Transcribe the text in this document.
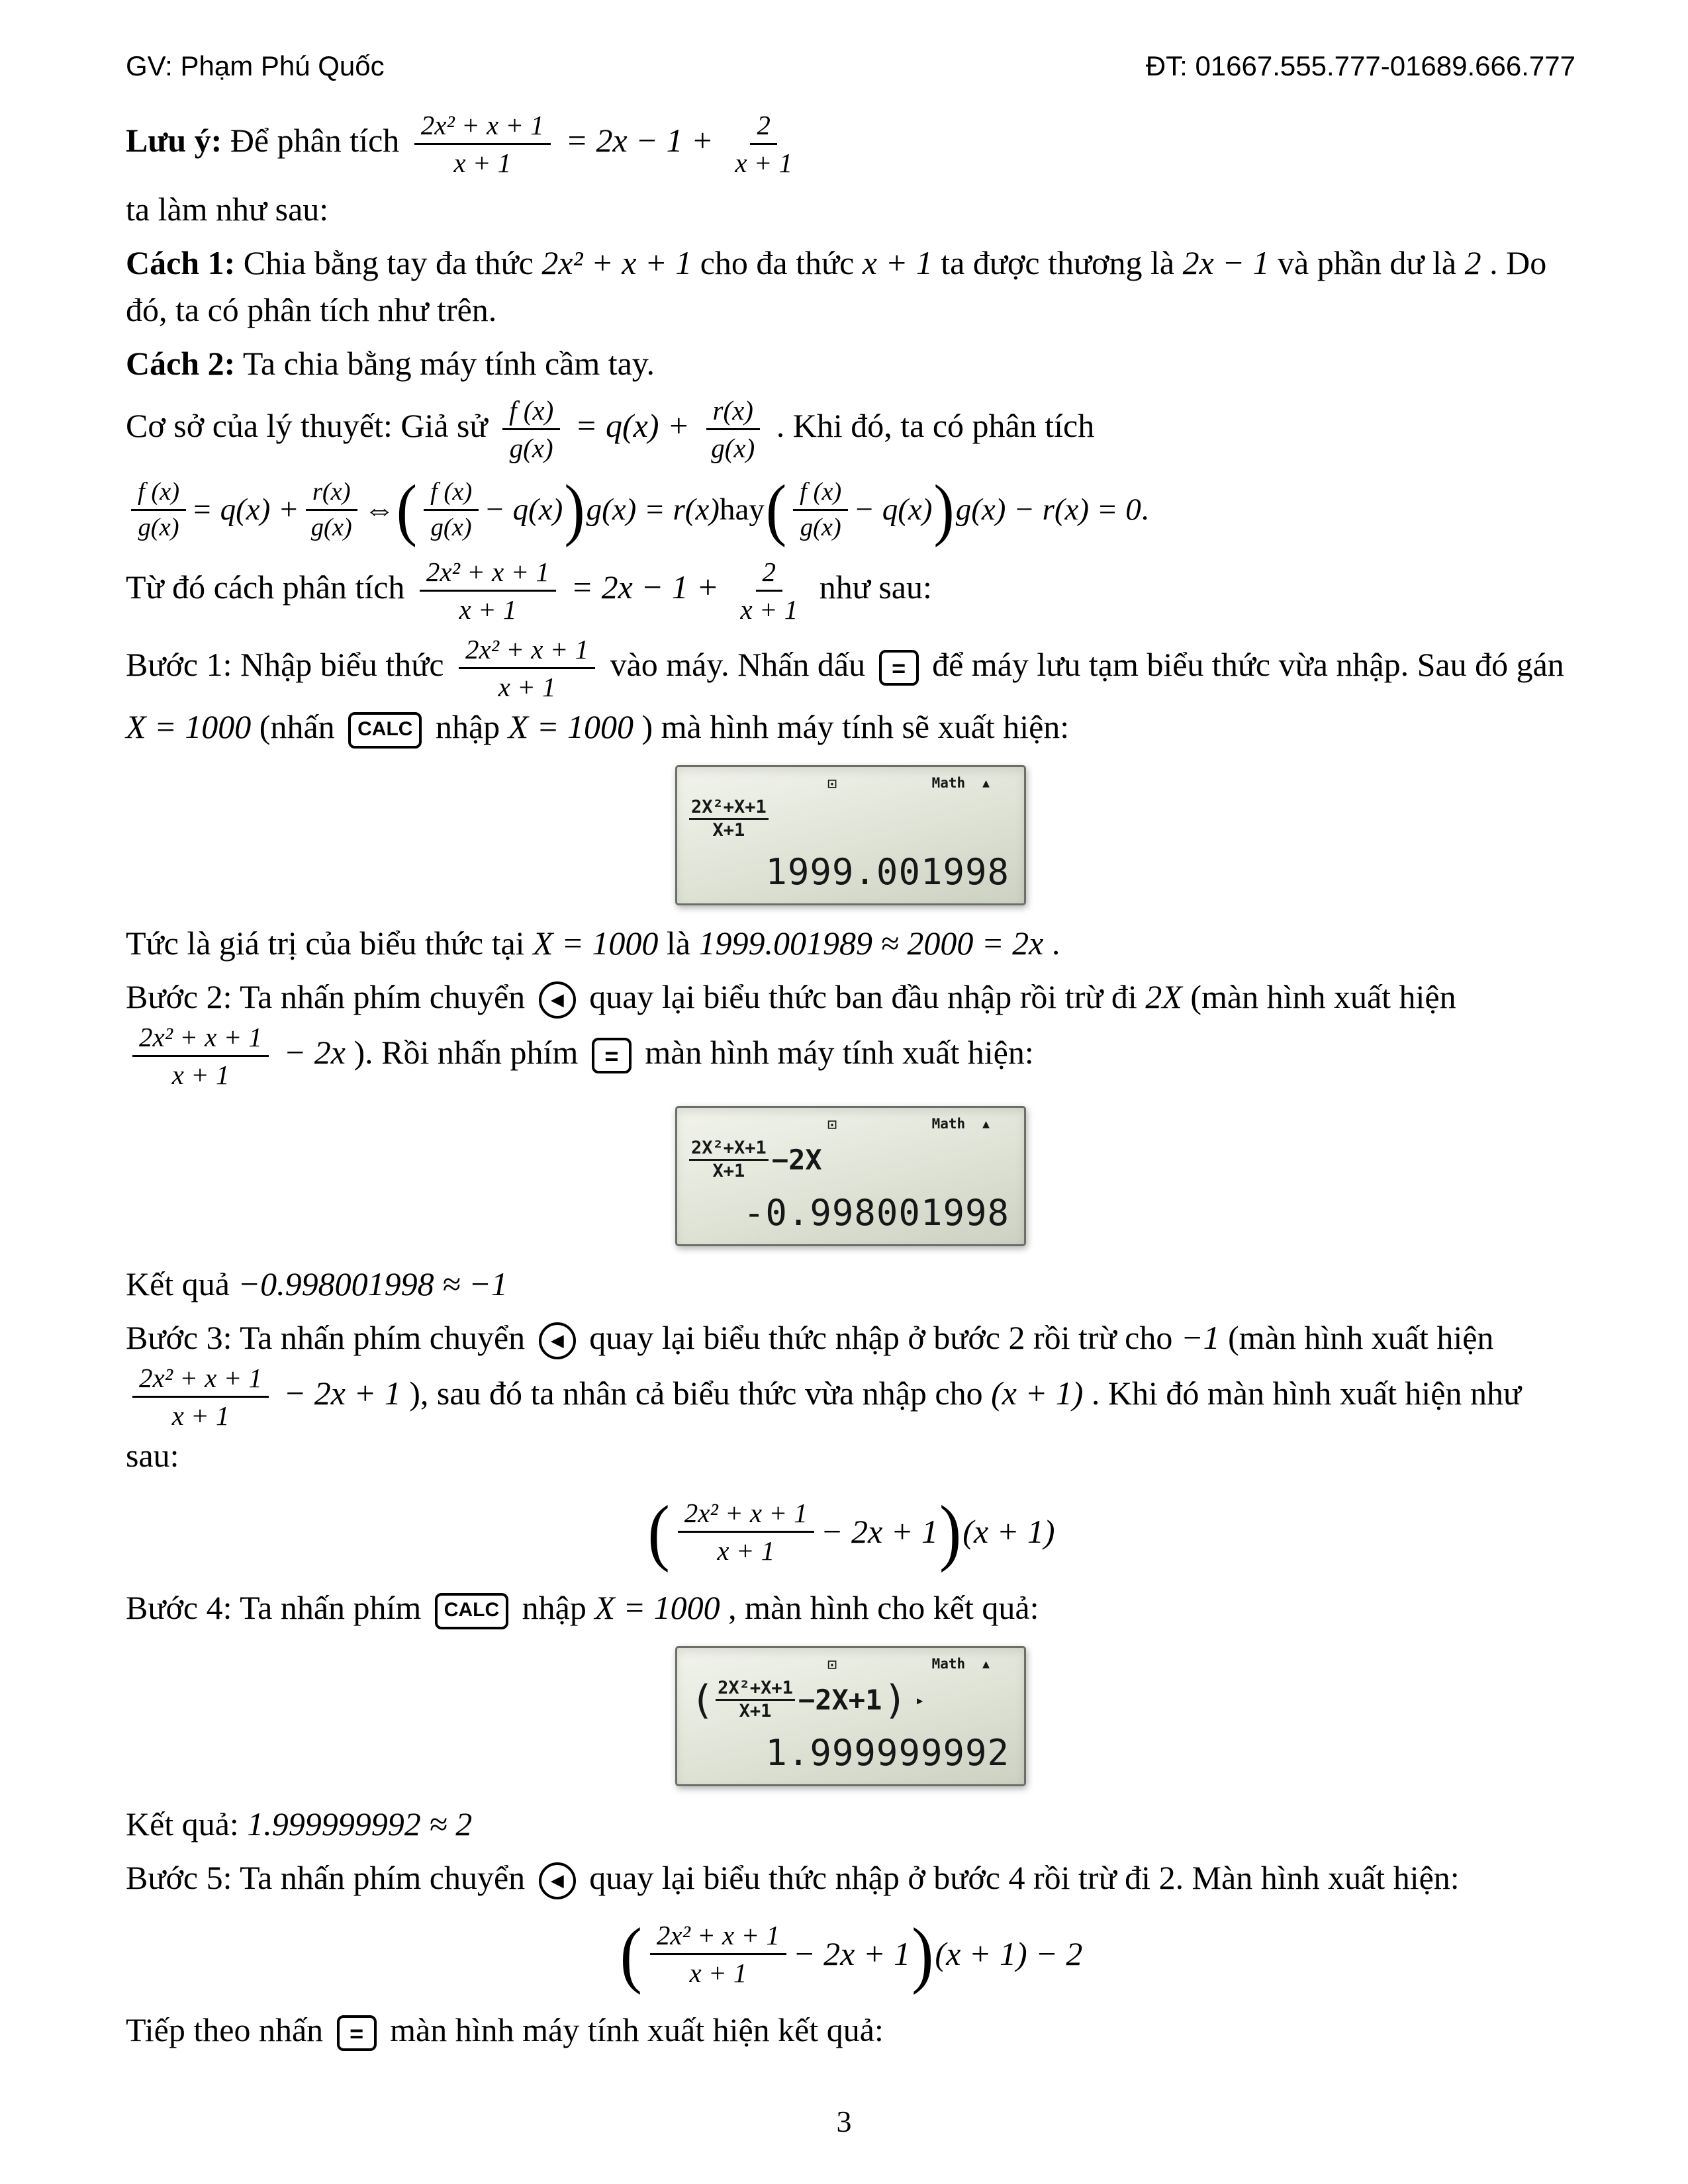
GV: Phạm Phú Quốc	ĐT: 01667.555.777-01689.666.777

Lưu ý: Để phân tích $\frac{\text{2x² + x + 1}}{x + 1} = 2x - 1 + \frac{2}{x + 1}$

ta làm như sau:

Cách 1: Chia bằng tay đa thức 2x² + x + 1 cho đa thức x + 1 ta được thương là 2x − 1 và phần dư là 2 . Do đó, ta có phân tích như trên.

Cách 2: Ta chia bằng máy tính cầm tay.

Cơ sở của lý thuyết: Giả sử $\frac{f (x)}{g(x)} = q(x) + \frac{r(x)}{g(x)}$ . Khi đó, ta có phân tích

$\frac{f (x)}{g(x)} = q(x) + \frac{r(x)}{g(x)}$ ⇔ ( $\frac{f (x)}{g(x)} - q(x)$ ) g(x) = r(x) hay ( $\frac{f (x)}{g(x)} - q(x)$ ) g(x) − r(x) = 0 .

Từ đó cách phân tích $\frac{\text{2x² + x + 1}}{x + 1} = 2x - 1 + \frac{2}{x + 1}$ như sau:

Bước 1: Nhập biểu thức $\frac{\text{2x² + x + 1}}{x + 1}$ vào máy. Nhấn dấu = để máy lưu tạm biểu thức vừa nhập. Sau đó gán X = 1000 (nhấn CALC nhập X = 1000 ) mà hình máy tính sẽ xuất hiện:

⊡	Math ▲
$\frac{\text{2X²+X+1}}{X+1}$
1999.001998

Tức là giá trị của biểu thức tại X = 1000 là 1999.001989 ≈ 2000 = 2x .

Bước 2: Ta nhấn phím chuyển ◀ quay lại biểu thức ban đầu nhập rồi trừ đi 2X (màn hình xuất hiện
$\frac{\text{2x² + x + 1}}{x + 1} - 2x$ ). Rồi nhấn phím = màn hình máy tính xuất hiện:

⊡	Math ▲
$\frac{\text{2X²+X+1}}{X+1} -2X$
-0.998001998

Kết quả −0.998001998 ≈ −1

Bước 3: Ta nhấn phím chuyển ◀ quay lại biểu thức nhập ở bước 2 rồi trừ cho −1 (màn hình xuất hiện
$\frac{\text{2x² + x + 1}}{x + 1} - 2x + 1$ ), sau đó ta nhân cả biểu thức vừa nhập cho (x + 1) . Khi đó màn hình xuất hiện như sau:

( $\frac{\text{2x² + x + 1}}{x + 1} - 2x + 1$ ) (x + 1)

Bước 4: Ta nhấn phím CALC nhập X = 1000 , màn hình cho kết quả:

⊡	Math ▲
( $\frac{\text{2X²+X+1}}{X+1} -2X+1$ ) ▸
1.999999992

Kết quả: 1.999999992 ≈ 2

Bước 5: Ta nhấn phím chuyển ◀ quay lại biểu thức nhập ở bước 4 rồi trừ đi 2. Màn hình xuất hiện:

( $\frac{\text{2x² + x + 1}}{x + 1} - 2x + 1$ ) (x + 1) − 2

Tiếp theo nhấn = màn hình máy tính xuất hiện kết quả:

3
